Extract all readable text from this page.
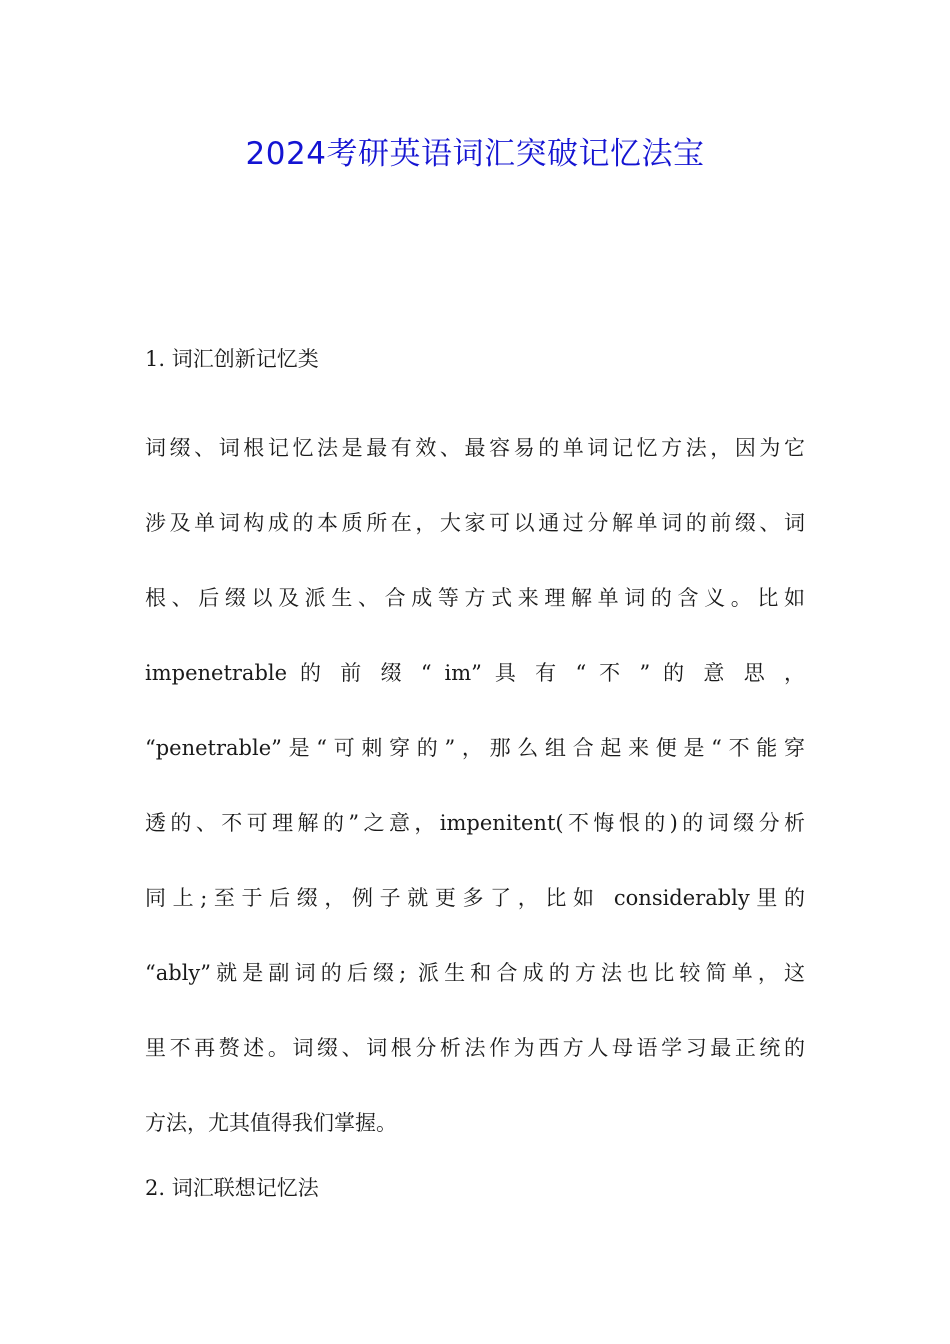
2024考研英语词汇突破记忆法宝
1. 词汇创新记忆类
词缀、词根记忆法是最有效、最容易的单词记忆方法，因为它
涉及单词构成的本质所在，大家可以通过分解单词的前缀、词
根、后缀以及派生、合成等方式来理解单词的含义。比如
impenetrable 的 前 缀 “ im” 具 有 “ 不 ” 的 意 思 ，
“penetrable”是“可刺穿的”，那么组合起来便是“不能穿
透的、不可理解的”之意，impenitent(不悔恨的)的词缀分析
同上;至于后缀，例子就更多了，比如 considerably里的
“ably”就是副词的后缀; 派生和合成的方法也比较简单，这
里不再赘述。词缀、词根分析法作为西方人母语学习最正统的
方法，尤其值得我们掌握。
2. 词汇联想记忆法
